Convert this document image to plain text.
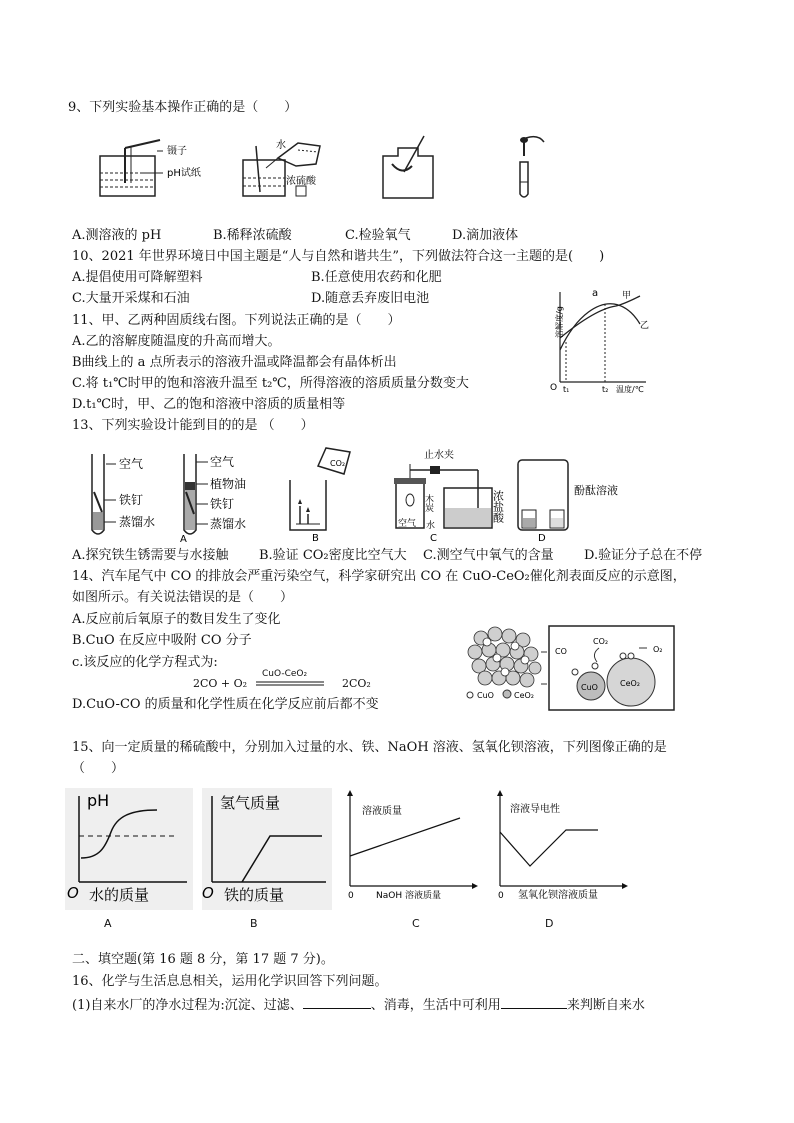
9、下列实验基本操作正确的是（　　）
镊子
pH试纸
水
浓硫酸
A.测溶液的 pH	B.稀释浓硫酸	C.检验氧气	D.滴加液体
10、2021 年世界环境日中国主题是“人与自然和谐共生”，下列做法符合这一主题的是(　　)
A.提倡使用可降解塑料	B.任意使用农药和化肥
C.大量开采煤和石油	D.随意丢弃废旧电池
11、甲、乙两种固质线右图。下列说法正确的是（　　）
A.乙的溶解度随温度的升高而增大。
B曲线上的 a 点所表示的溶液升温或降温都会有晶体析出
C.将 t₁℃时甲的饱和溶液升温至 t₂℃，所得溶液的溶质质量分数变大
D.t₁℃时，甲、乙的饱和溶液中溶质的质量相等
溶解度/g
a	甲
乙
O t₁	t₂ 温度/℃
13、下列实验设计能到目的的是 （　　）
空气
铁钉
蒸馏水
空气
植物油
铁钉
蒸馏水
A
CO₂
B
止水夹
木炭
水
空气
C
浓盐酸	酚酞溶液
D
A.探究铁生锈需要与水接触 B.验证 CO₂密度比空气大 C.测空气中氧气的含量 D.验证分子总在不停
14、汽车尾气中 CO 的排放会严重污染空气，科学家研究出 CO 在 CuO-CeO₂催化剂表面反应的示意图，
如图所示。有关说法错误的是（　　）
A.反应前后氧原子的数目发生了变化
B.CuO 在反应中吸附 CO 分子
c.该反应的化学方程式为:
2CO + O₂
CuO-CeO₂
2CO₂
D.CuO-CO 的质量和化学性质在化学反应前后都不变
CuO	CeO₂
CuO	CeO₂
CO
CO₂
O₂
15、向一定质量的稀硫酸中，分别加入过量的水、铁、NaOH 溶液、氢氧化钡溶液，下列图像正确的是
（　　）
pH
O 水的质量
A
氢气质量
O 铁的质量
B
溶液质量
0 NaOH 溶液质量
C
溶液导电性
0 氢氧化钡溶液质量
D
二、填空题(第 16 题 8 分，第 17 题 7 分)。
16、化学与生活息息相关，运用化学识回答下列问题。
(1)自来水厂的净水过程为:沉淀、过滤、	、消毒，生活中可利用	来判断自来水
